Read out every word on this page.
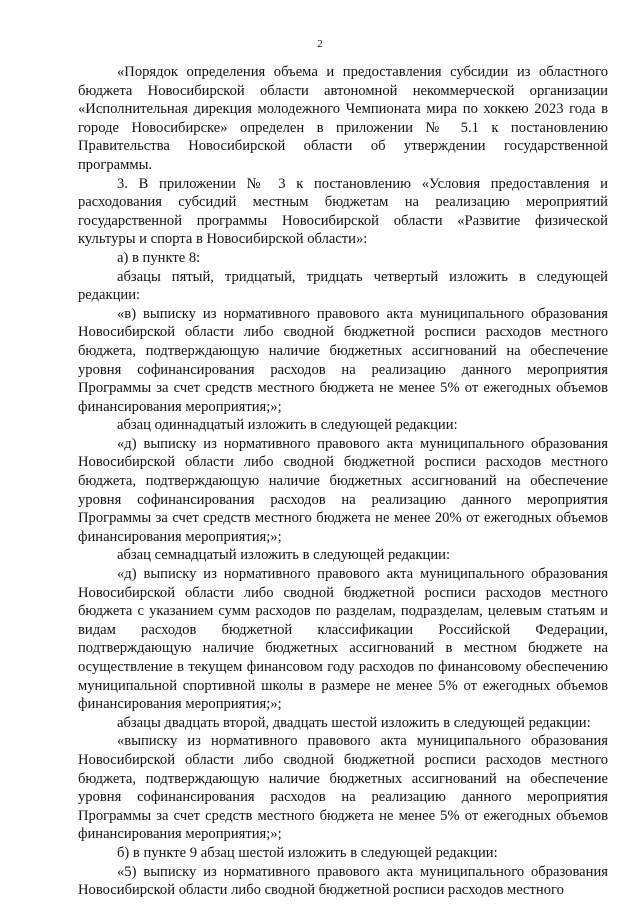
2

«Порядок определения объема и предоставления субсидии из областного бюджета Новосибирской области автономной некоммерческой организации «Исполнительная дирекция молодежного Чемпионата мира по хоккею 2023 года в городе Новосибирске» определен в приложении № 5.1 к постановлению Правительства Новосибирской области об утверждении государственной программы.

3. В приложении № 3 к постановлению «Условия предоставления и расходования субсидий местным бюджетам на реализацию мероприятий государственной программы Новосибирской области «Развитие физической культуры и спорта в Новосибирской области»:

а) в пункте 8:

абзацы пятый, тридцатый, тридцать четвертый изложить в следующей редакции:

«в) выписку из нормативного правового акта муниципального образования Новосибирской области либо сводной бюджетной росписи расходов местного бюджета, подтверждающую наличие бюджетных ассигнований на обеспечение уровня софинансирования расходов на реализацию данного мероприятия Программы за счет средств местного бюджета не менее 5% от ежегодных объемов финансирования мероприятия;»;

абзац одиннадцатый изложить в следующей редакции:

«д) выписку из нормативного правового акта муниципального образования Новосибирской области либо сводной бюджетной росписи расходов местного бюджета, подтверждающую наличие бюджетных ассигнований на обеспечение уровня софинансирования расходов на реализацию данного мероприятия Программы за счет средств местного бюджета не менее 20% от ежегодных объемов финансирования мероприятия;»;

абзац семнадцатый изложить в следующей редакции:

«д) выписку из нормативного правового акта муниципального образования Новосибирской области либо сводной бюджетной росписи расходов местного бюджета с указанием сумм расходов по разделам, подразделам, целевым статьям и видам расходов бюджетной классификации Российской Федерации, подтверждающую наличие бюджетных ассигнований в местном бюджете на осуществление в текущем финансовом году расходов по финансовому обеспечению муниципальной спортивной школы в размере не менее 5% от ежегодных объемов финансирования мероприятия;»;

абзацы двадцать второй, двадцать шестой изложить в следующей редакции:

«выписку из нормативного правового акта муниципального образования Новосибирской области либо сводной бюджетной росписи расходов местного бюджета, подтверждающую наличие бюджетных ассигнований на обеспечение уровня софинансирования расходов на реализацию данного мероприятия Программы за счет средств местного бюджета не менее 5% от ежегодных объемов финансирования мероприятия;»;

б) в пункте 9 абзац шестой изложить в следующей редакции:

«5) выписку из нормативного правового акта муниципального образования Новосибирской области либо сводной бюджетной росписи расходов местного
